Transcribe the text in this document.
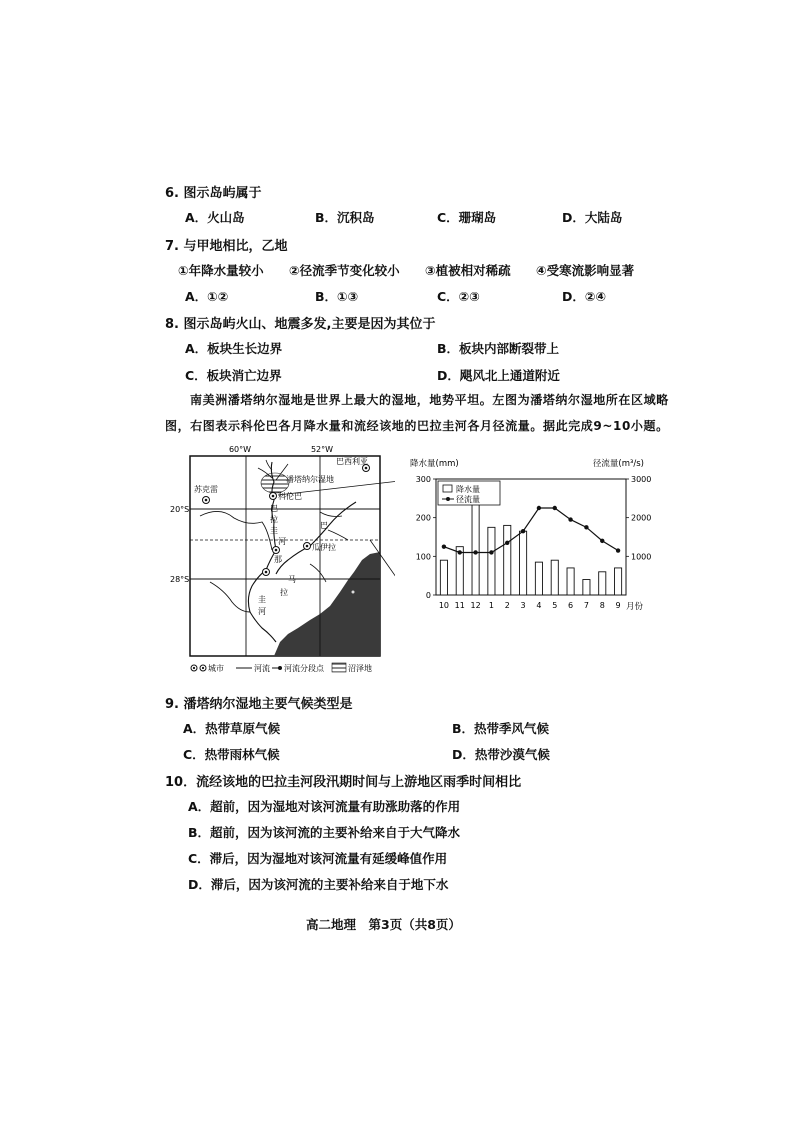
6. 图示岛屿属于
A．火山岛	B．沉积岛	C．珊瑚岛	D．大陆岛
7. 与甲地相比，乙地
①年降水量较小 ②径流季节变化较小 ③植被相对稀疏 ④受寒流影响显著
A．①②	B．①③	C．②③	D．②④
8. 图示岛屿火山、地震多发,主要是因为其位于
A．板块生长边界	B．板块内部断裂带上
C．板块消亡边界	D．飓风北上通道附近
南美洲潘塔纳尔湿地是世界上最大的湿地，地势平坦。左图为潘塔纳尔湿地所在区域略
图，右图表示科伦巴各月降水量和流经该地的巴拉圭河各月径流量。据此完成9~10小题。
60°W	52°W
20°S
28°S
巴西利亚
苏克雷
潘塔纳尔湿地
科伦巴
巴
拉
圭
河
巴
瓜伊拉
那
马
拉
圭
河
城市	河流 河流分段点	沼泽地
降水量(mm)	径流量(m³/s)
0
100
200
300
1000
2000
3000
10 11 12 1 2 3 4 5 6 7 8 9 月份
降水量
径流量
9. 潘塔纳尔湿地主要气候类型是
A．热带草原气候	B．热带季风气候
C．热带雨林气候	D．热带沙漠气候
10．流经该地的巴拉圭河段汛期时间与上游地区雨季时间相比
A．超前，因为湿地对该河流量有助涨助落的作用
B．超前，因为该河流的主要补给来自于大气降水
C．滞后，因为湿地对该河流量有延缓峰值作用
D．滞后，因为该河流的主要补给来自于地下水
高二地理　第3页（共8页）
